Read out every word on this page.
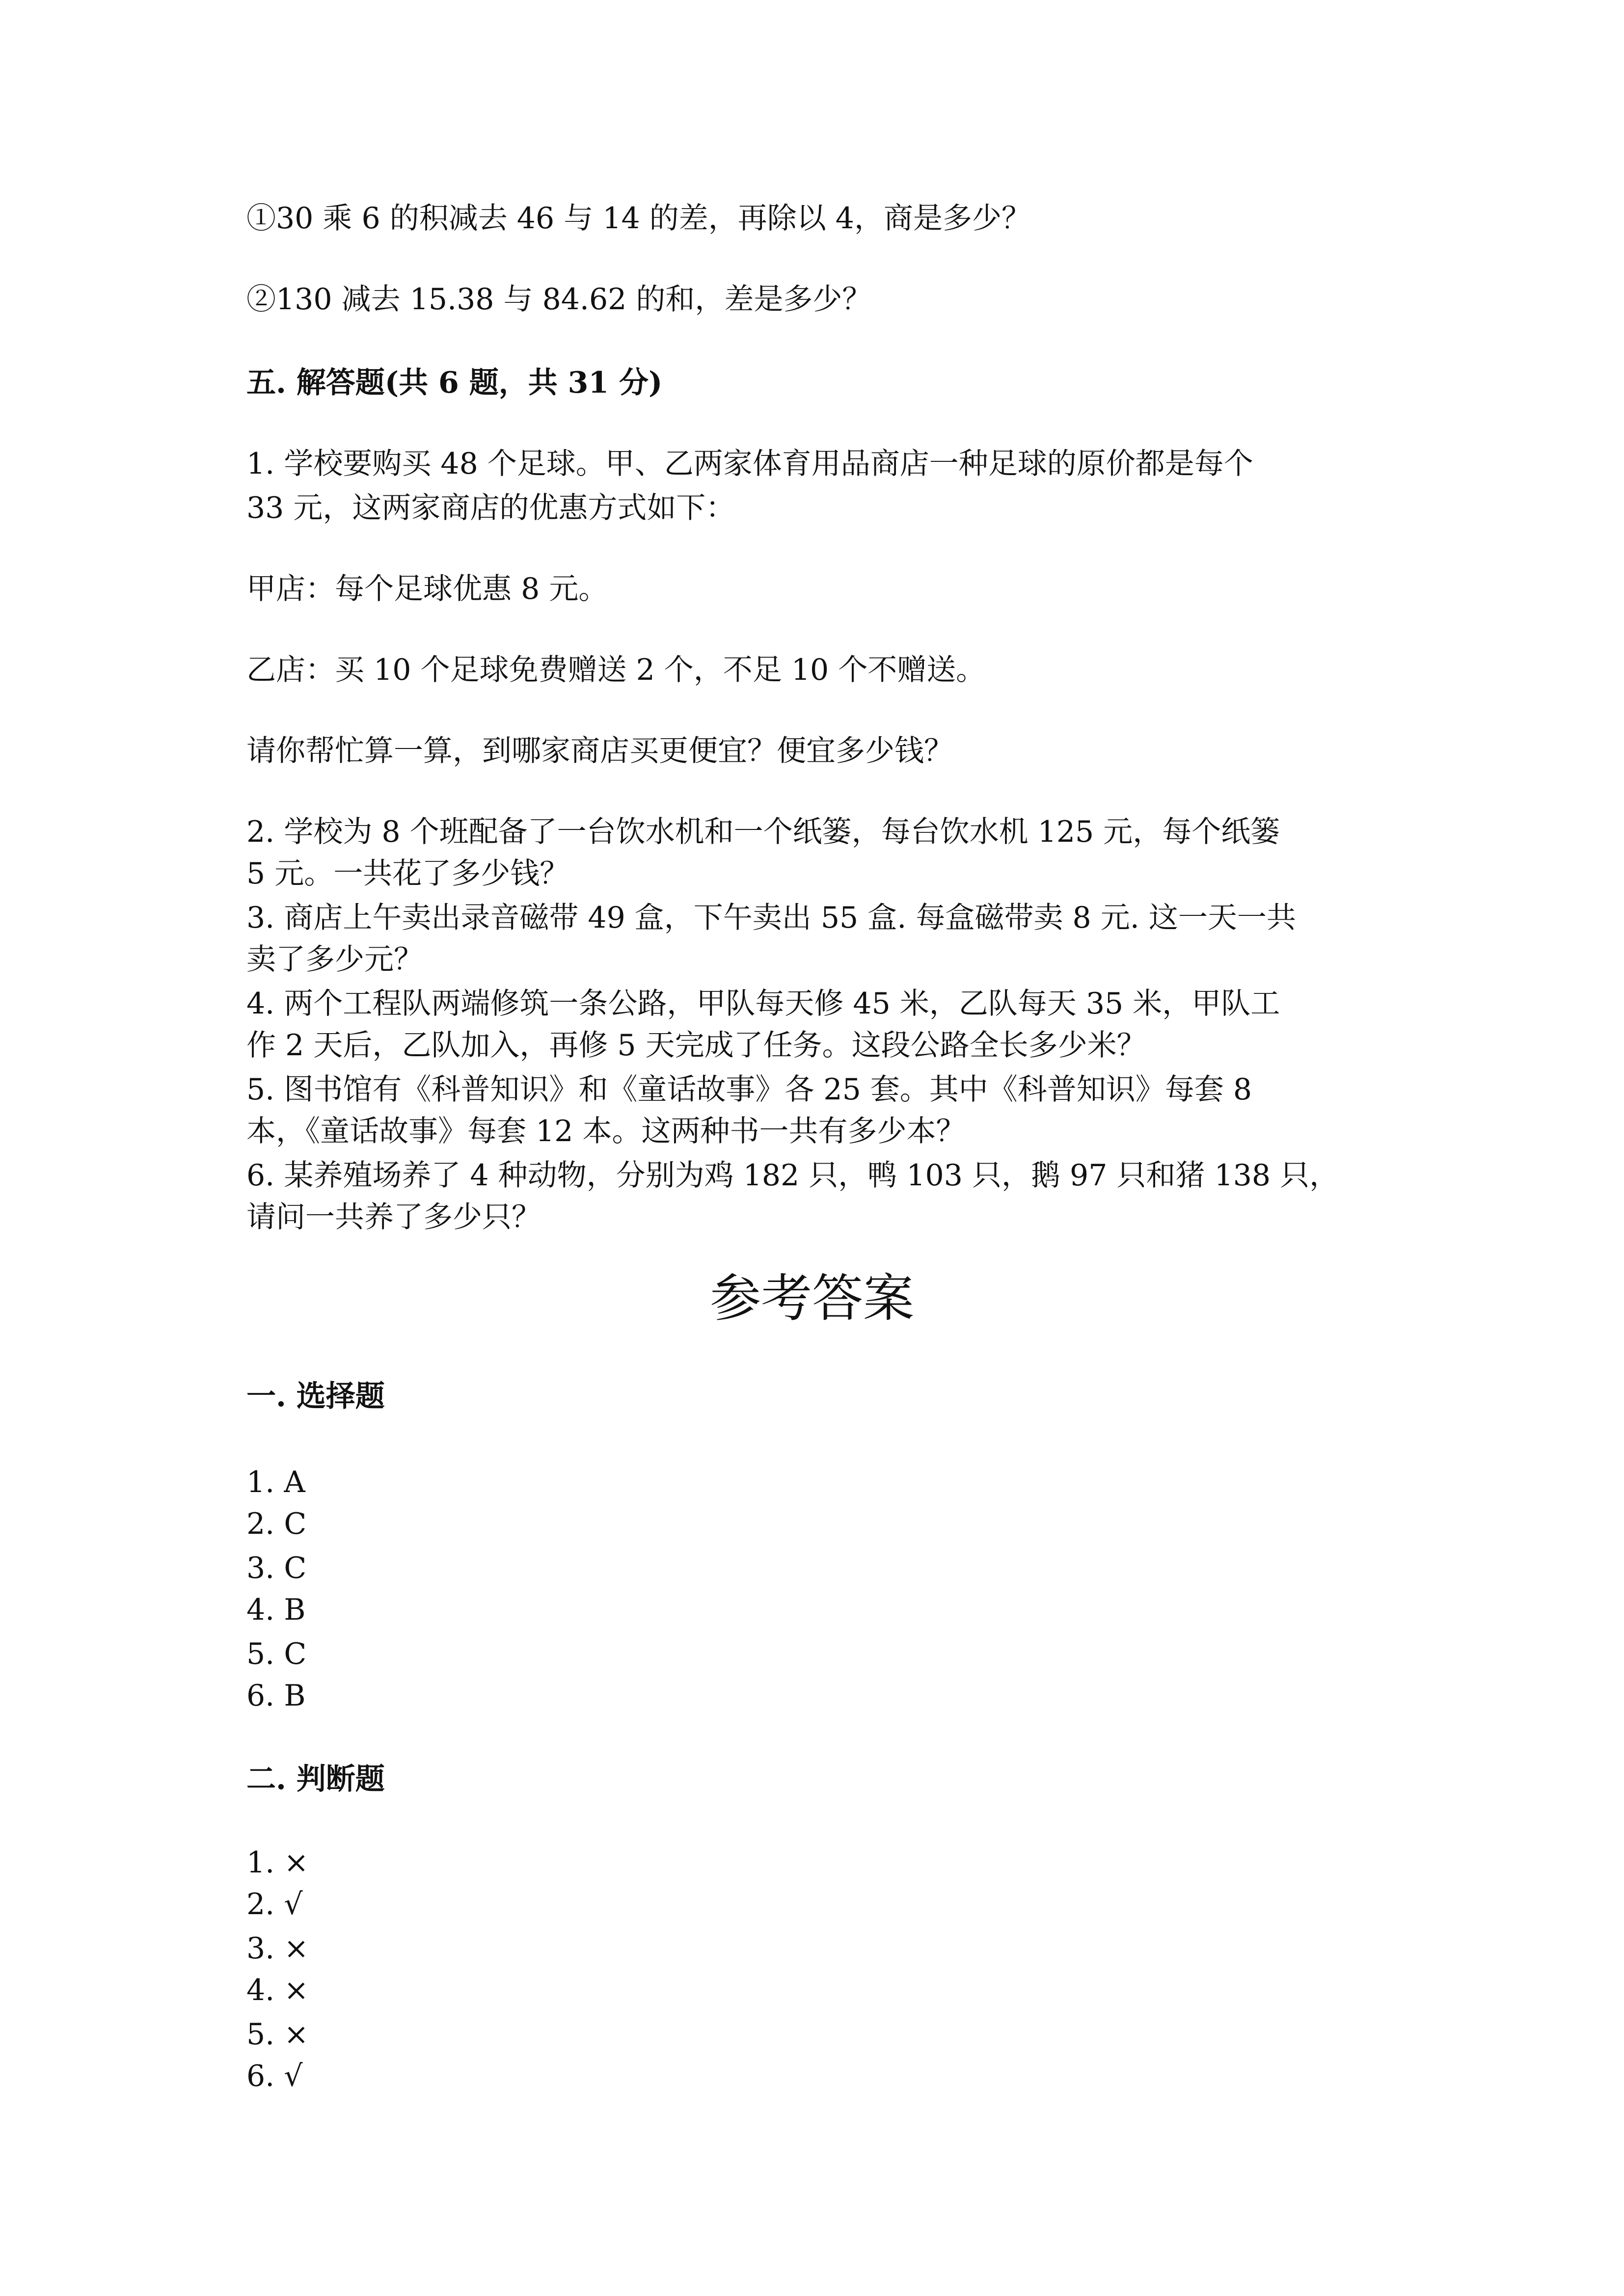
①30 乘 6 的积减去 46 与 14 的差，再除以 4，商是多少？
②130 减去 15.38 与 84.62 的和，差是多少？
五. 解答题(共 6 题，共 31 分)
1. 学校要购买 48 个足球。甲、乙两家体育用品商店一种足球的原价都是每个
33 元，这两家商店的优惠方式如下：
甲店：每个足球优惠 8 元。
乙店：买 10 个足球免费赠送 2 个，不足 10 个不赠送。
请你帮忙算一算，到哪家商店买更便宜？便宜多少钱？
2. 学校为 8 个班配备了一台饮水机和一个纸篓，每台饮水机 125 元，每个纸篓
5 元。一共花了多少钱？
3. 商店上午卖出录音磁带 49 盒，下午卖出 55 盒. 每盒磁带卖 8 元. 这一天一共
卖了多少元？
4. 两个工程队两端修筑一条公路，甲队每天修 45 米，乙队每天 35 米，甲队工
作 2 天后，乙队加入，再修 5 天完成了任务。这段公路全长多少米？
5. 图书馆有《科普知识》和《童话故事》各 25 套。其中《科普知识》每套 8
本，《童话故事》每套 12 本。这两种书一共有多少本？
6. 某养殖场养了 4 种动物，分别为鸡 182 只，鸭 103 只，鹅 97 只和猪 138 只，
请问一共养了多少只？
参考答案
一. 选择题
1. A
2. C
3. C
4. B
5. C
6. B
二. 判断题
1. ×
2. √
3. ×
4. ×
5. ×
6. √
